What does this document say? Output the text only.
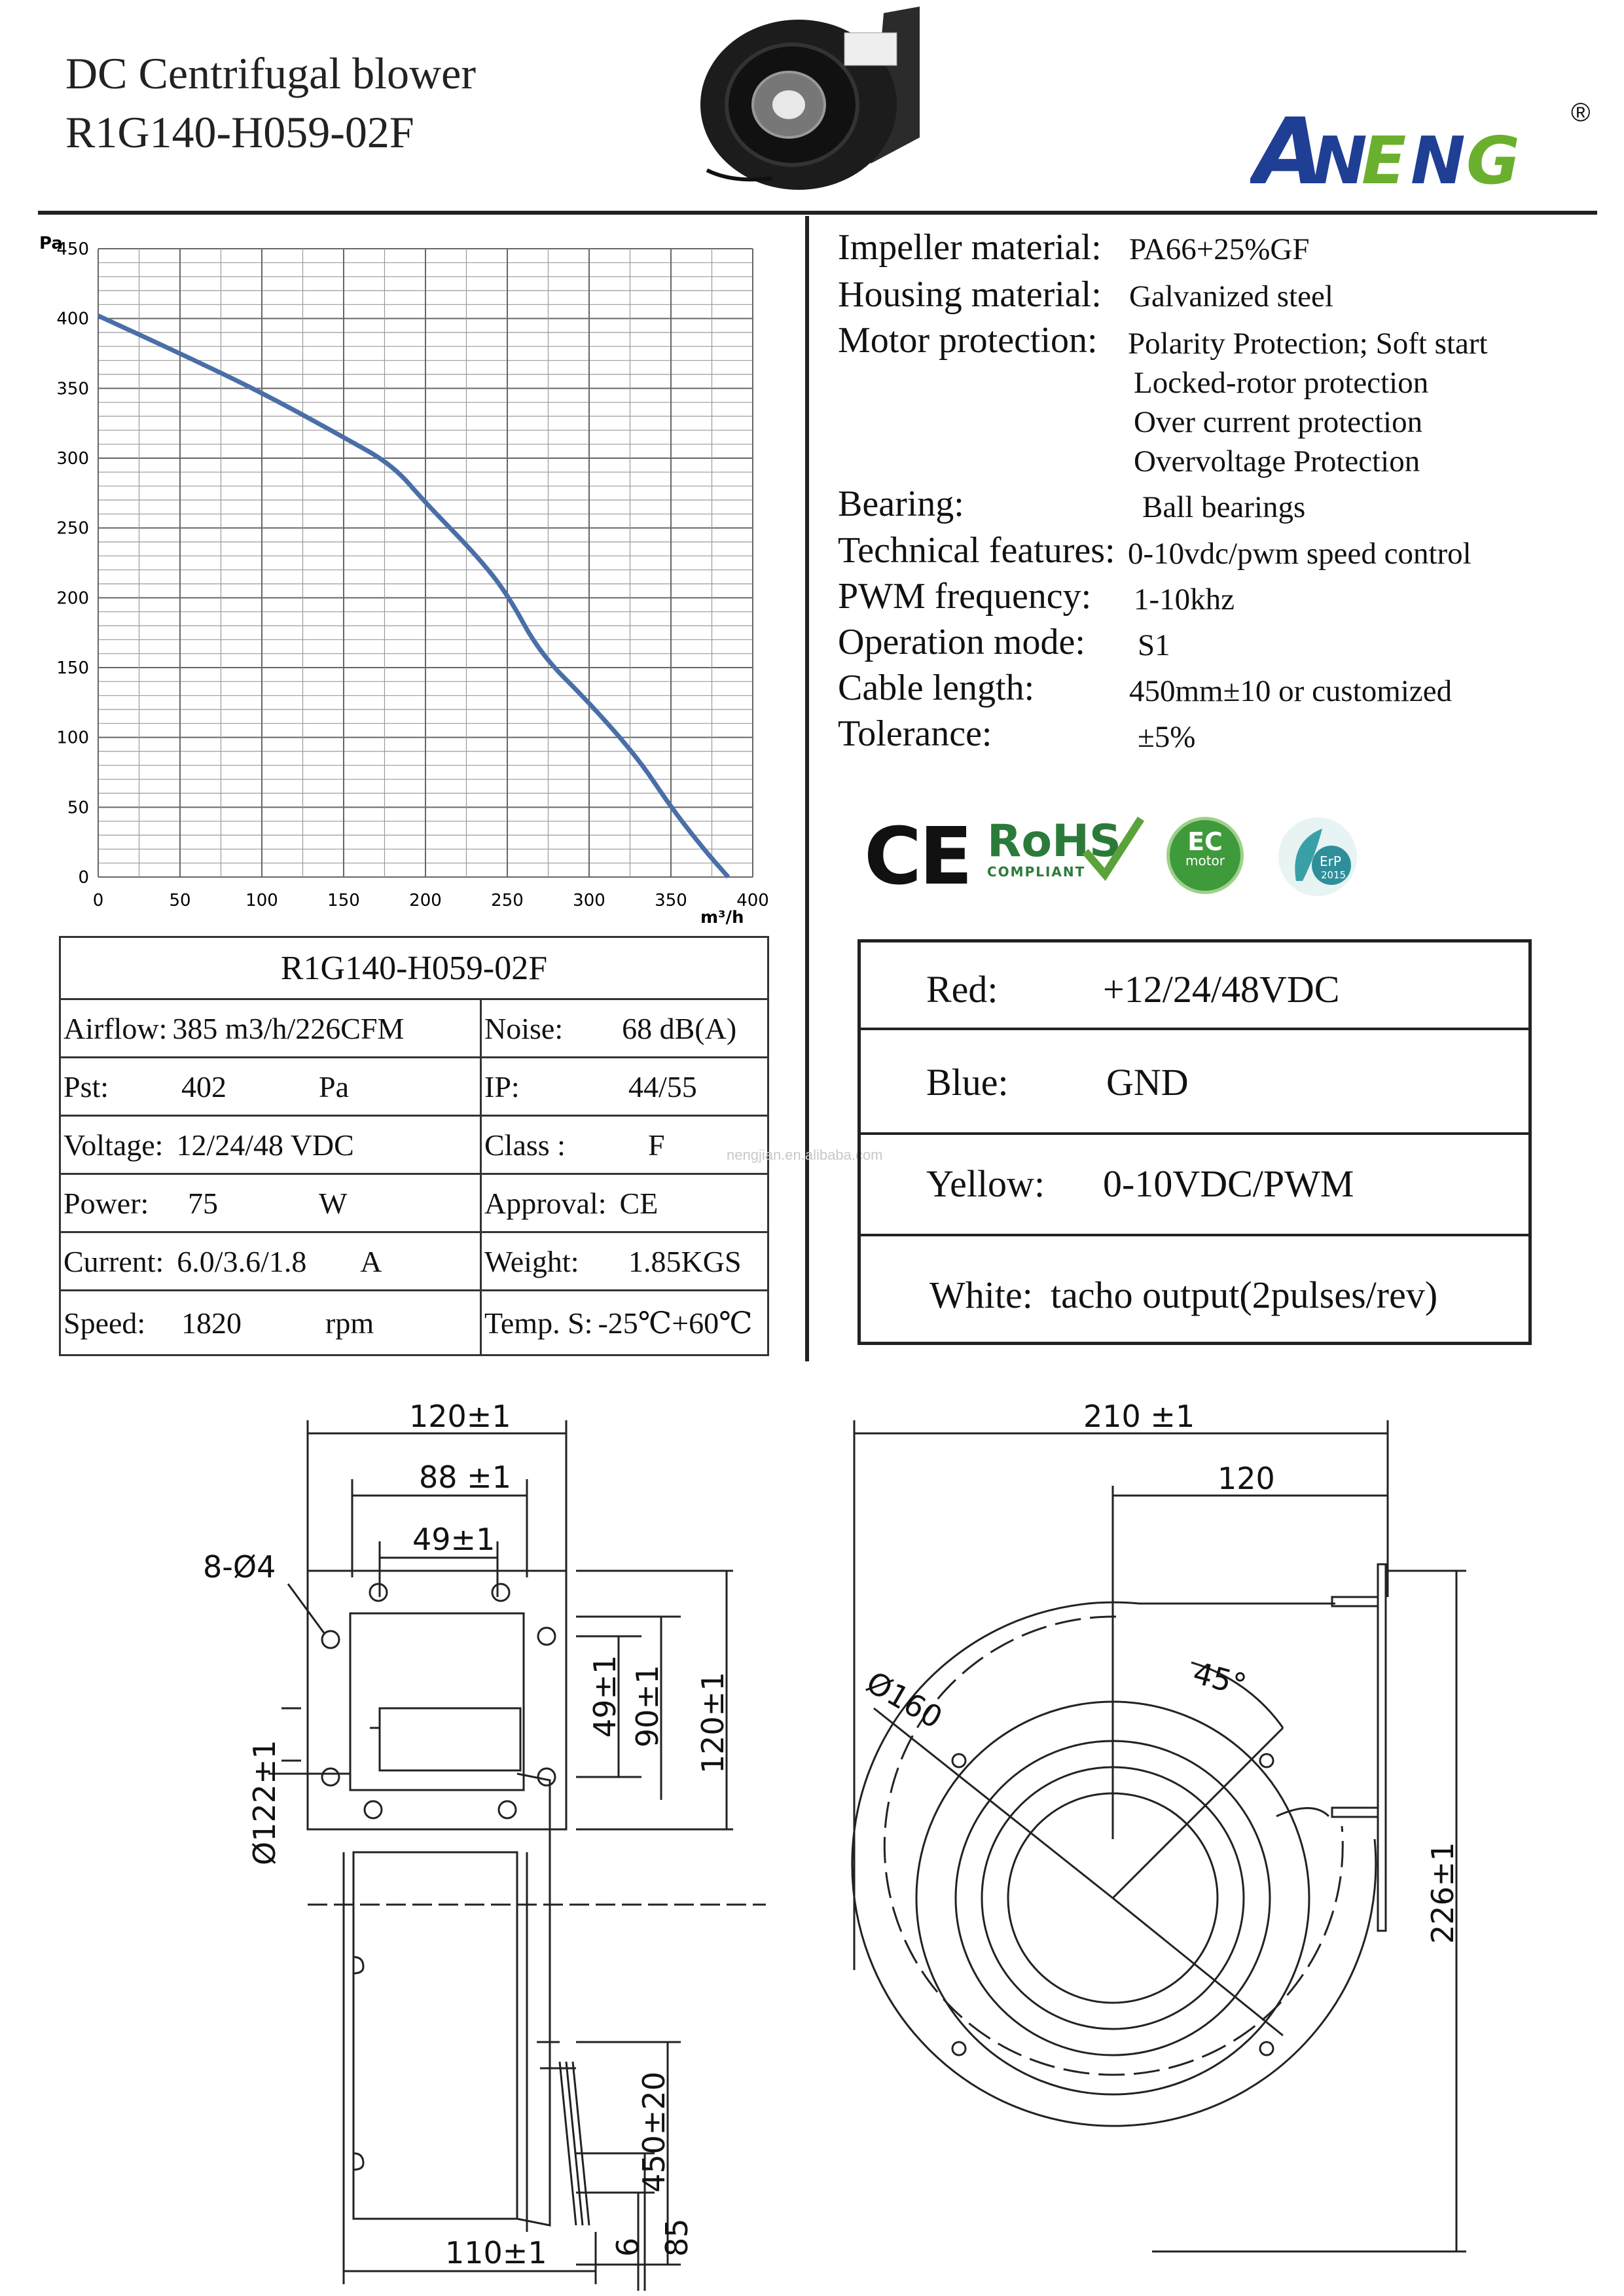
DC Centrifugal blower
R1G140-H059-02F	A
N
E N G
®
0
50
100
150
200
250
300
350
400
450
0	50	100	150	200	250	300	350	400
Pa
m³/h
Impeller material: PA66+25%GF
Housing material: Galvanized steel
Motor protection: Polarity Protection; Soft start
Locked-rotor protection
Over current protection
Overvoltage Protection
Bearing:	Ball bearings
Technical features: 0-10vdc/pwm speed control
PWM frequency: 1-10khz
Operation mode: S1
Cable length:	450mm±10 or customized
Tolerance:	±5%
CE RoHS
COMPLIANT
EC
motor	ErP
2015
R1G140-H059-02F	

Airflow: 385 m3/h/226CFM	Noise: 68 dB(A)

Pst: 402 Pa	IP: 44/55

Voltage: 12/24/48 VDC	Class : F

Power: 75 W	Approval: CE

Current: 6.0/3.6/1.8 A	Weight: 1.85KGS

Speed: 1820 rpm	Temp. S: -25℃+60℃
nengjian.en.alibaba.com
Red:	+12/24/48VDC
Blue:	GND
Yellow: 0-10VDC/PWM
White: tacho output(2pulses/rev)
120±1
88 ±1
49±1
8-Ø4
49±1 90±1 120±1
Ø122±1
450±20
6 85
110±1
210 ±1
120
Ø160	45°
226±1
